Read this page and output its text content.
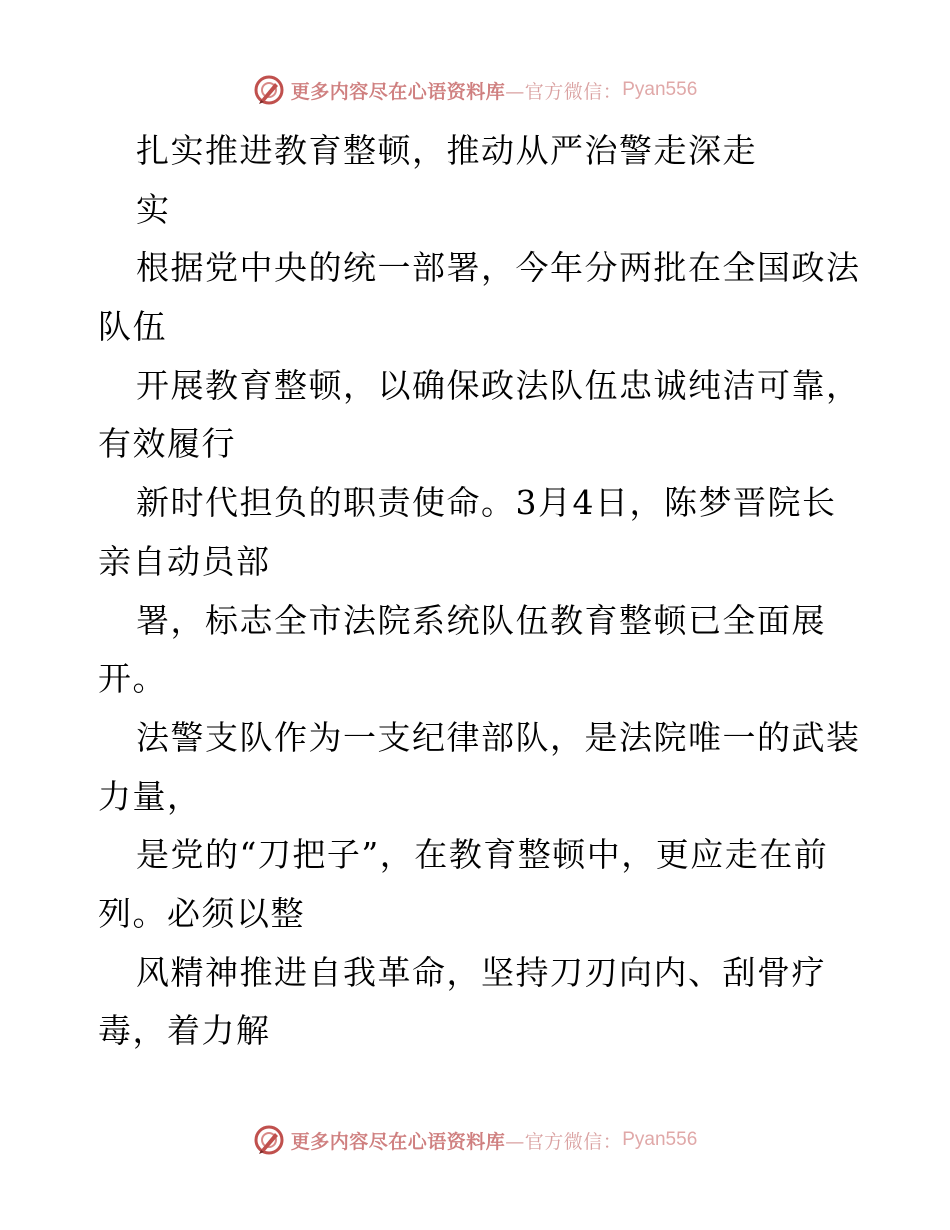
更多内容尽在心语资料库—官方微信： Pyan556
扎实推进教育整顿，推动从严治警走深走
实
根据党中央的统一部署，今年分两批在全国政法
队伍
开展教育整顿，以确保政法队伍忠诚纯洁可靠，
有效履行
新时代担负的职责使命。3月4日，陈梦晋院长
亲自动员部
署，标志全市法院系统队伍教育整顿已全面展
开。
法警支队作为一支纪律部队，是法院唯一的武装
力量，
是党的“刀把子”，在教育整顿中，更应走在前
列。必须以整
风精神推进自我革命，坚持刀刃向内、刮骨疗
毒，着力解
更多内容尽在心语资料库—官方微信： Pyan556
